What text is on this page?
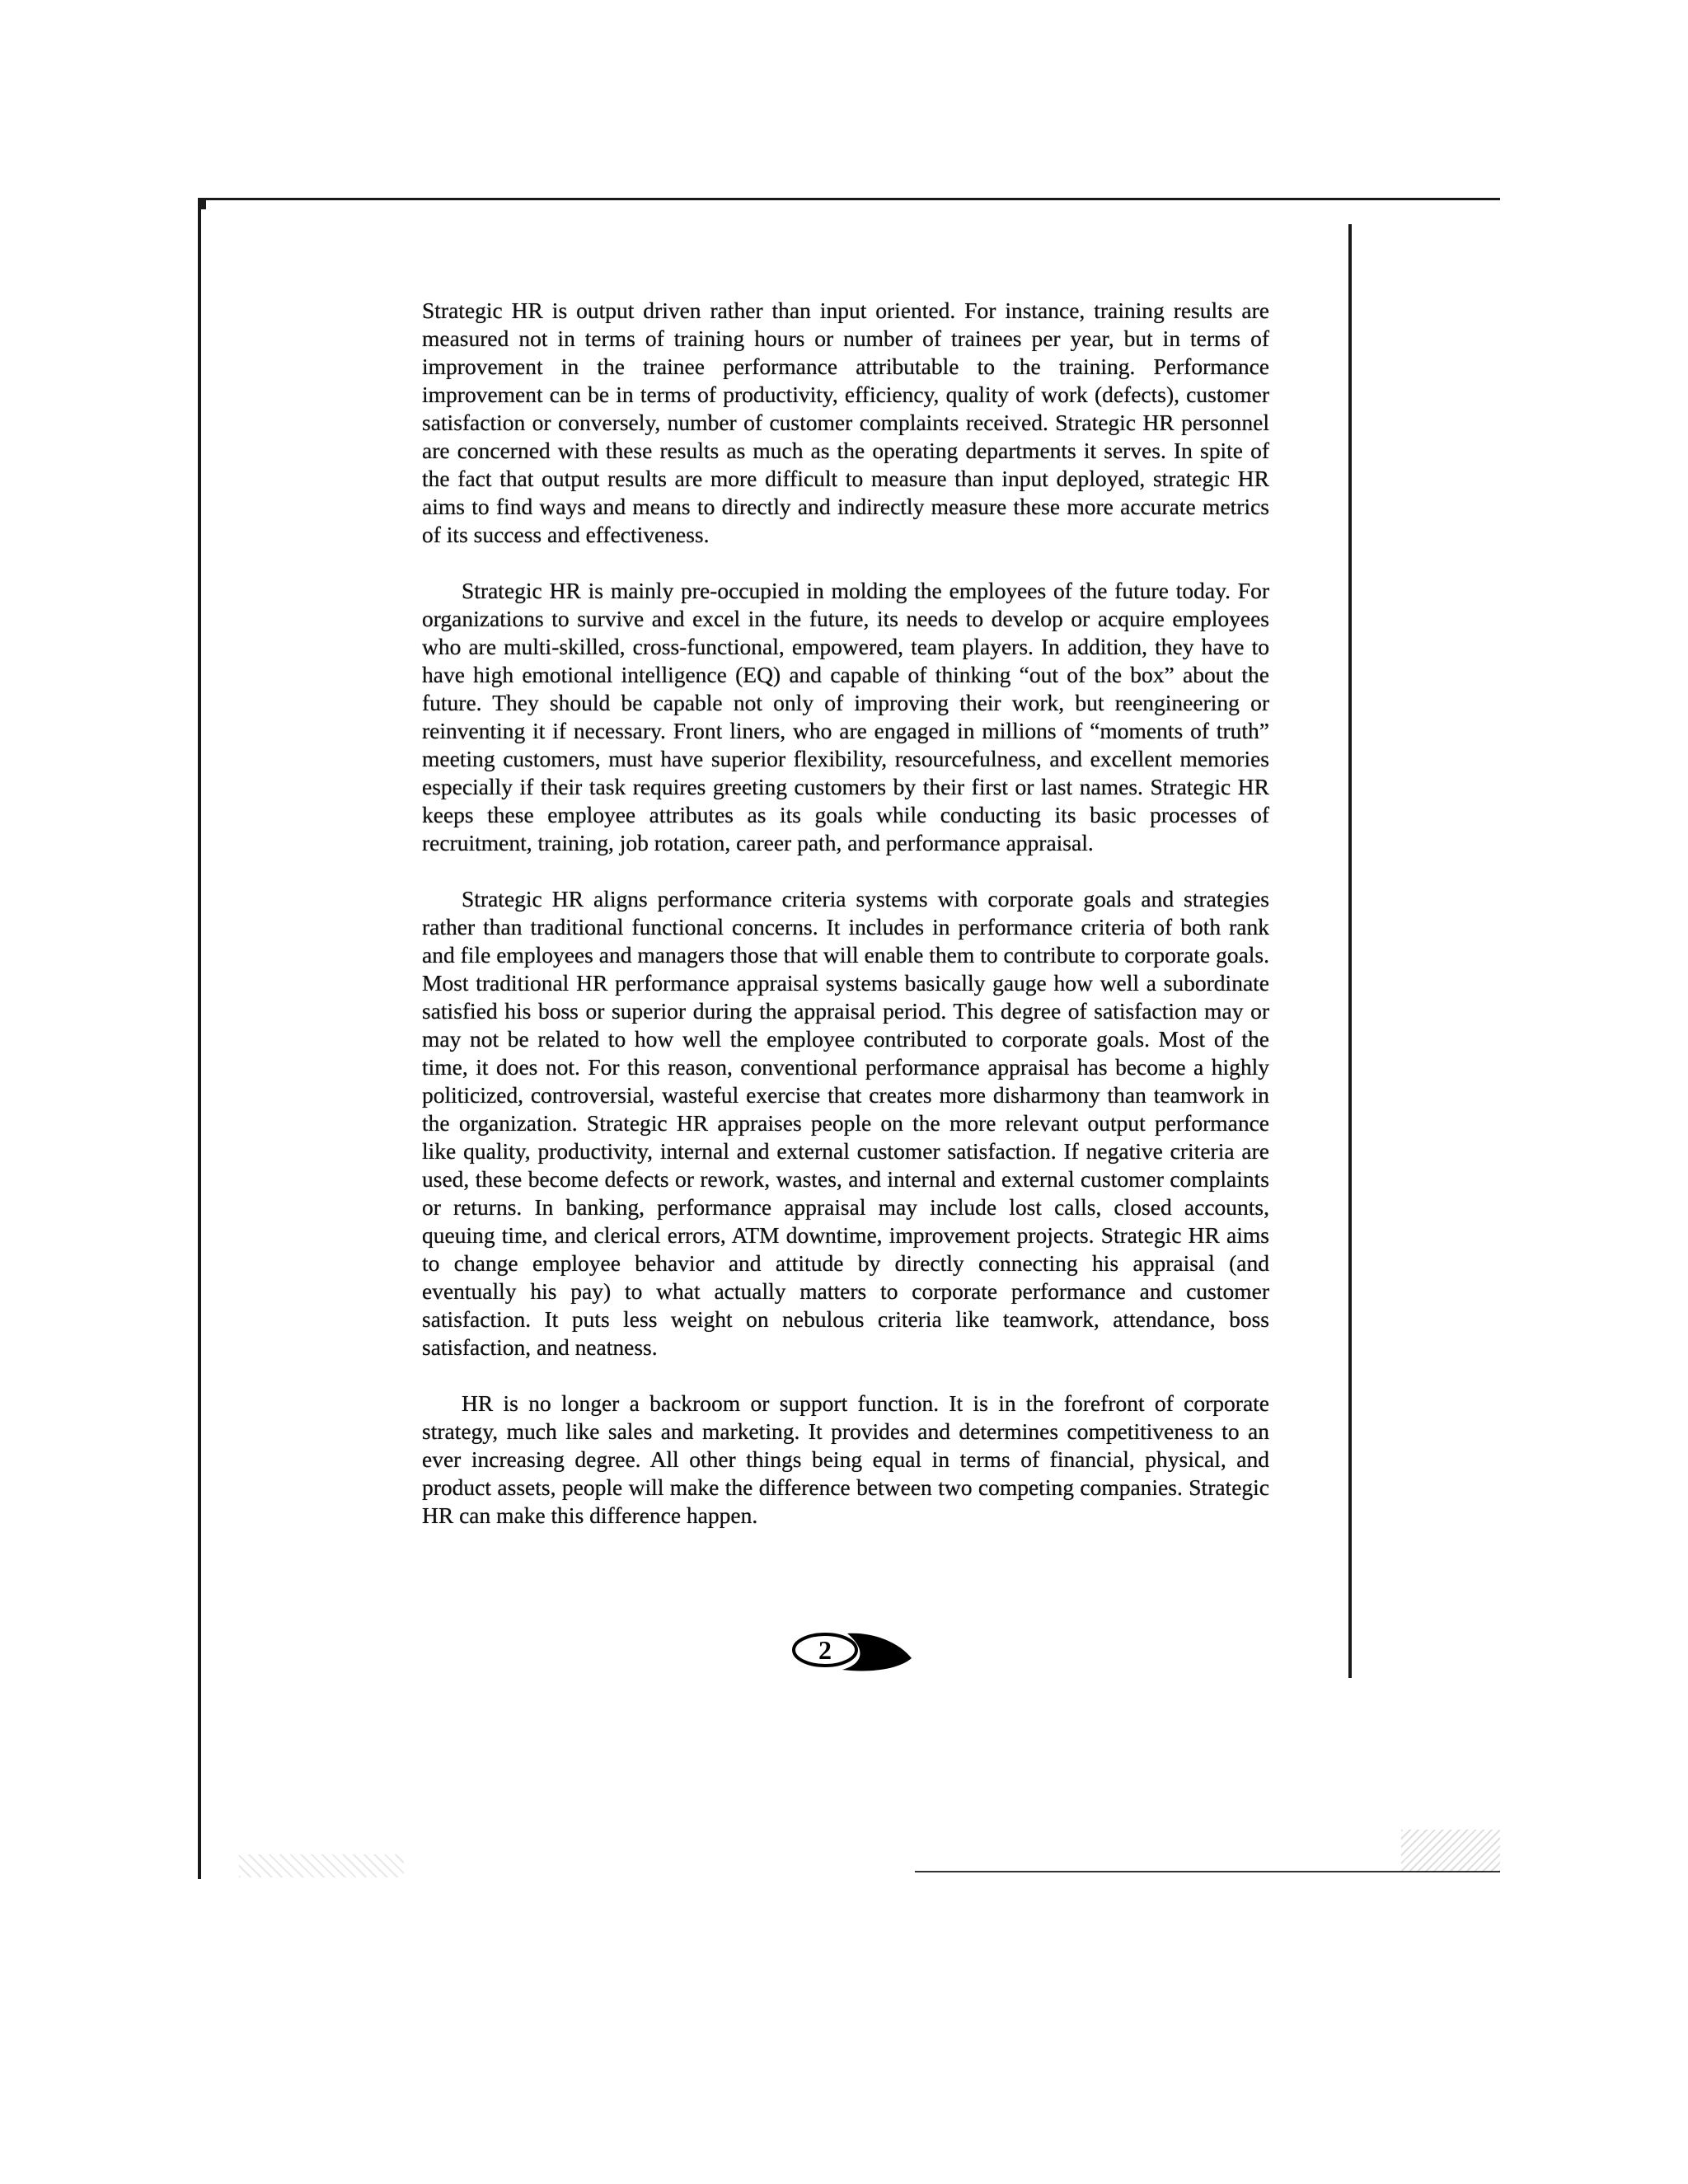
Strategic HR is output driven rather than input oriented. For instance, training results are measured not in terms of training hours or number of trainees per year, but in terms of improvement in the trainee performance attributable to the training. Performance improvement can be in terms of productivity, efficiency, quality of work (defects), customer satisfaction or conversely, number of customer complaints received. Strategic HR personnel are concerned with these results as much as the operating departments it serves. In spite of the fact that output results are more difficult to measure than input deployed, strategic HR aims to find ways and means to directly and indirectly measure these more accurate metrics of its success and effectiveness.

Strategic HR is mainly pre-occupied in molding the employees of the future today. For organizations to survive and excel in the future, its needs to develop or acquire employees who are multi-skilled, cross-functional, empowered, team players. In addition, they have to have high emotional intelligence (EQ) and capable of thinking “out of the box” about the future. They should be capable not only of improving their work, but reengineering or reinventing it if necessary. Front liners, who are engaged in millions of “moments of truth” meeting customers, must have superior flexibility, resourcefulness, and excellent memories especially if their task requires greeting customers by their first or last names. Strategic HR keeps these employee attributes as its goals while conducting its basic processes of recruitment, training, job rotation, career path, and performance appraisal.

Strategic HR aligns performance criteria systems with corporate goals and strategies rather than traditional functional concerns. It includes in performance criteria of both rank and file employees and managers those that will enable them to contribute to corporate goals. Most traditional HR performance appraisal systems basically gauge how well a subordinate satisfied his boss or superior during the appraisal period. This degree of satisfaction may or may not be related to how well the employee contributed to corporate goals. Most of the time, it does not. For this reason, conventional performance appraisal has become a highly politicized, controversial, wasteful exercise that creates more disharmony than teamwork in the organization. Strategic HR appraises people on the more relevant output performance like quality, productivity, internal and external customer satisfaction. If negative criteria are used, these become defects or rework, wastes, and internal and external customer complaints or returns. In banking, performance appraisal may include lost calls, closed accounts, queuing time, and clerical errors, ATM downtime, improvement projects. Strategic HR aims to change employee behavior and attitude by directly connecting his appraisal (and eventually his pay) to what actually matters to corporate performance and customer satisfaction. It puts less weight on nebulous criteria like teamwork, attendance, boss satisfaction, and neatness.

HR is no longer a backroom or support function. It is in the forefront of corporate strategy, much like sales and marketing. It provides and determines competitiveness to an ever increasing degree. All other things being equal in terms of financial, physical, and product assets, people will make the difference between two competing companies. Strategic HR can make this difference happen.

2
